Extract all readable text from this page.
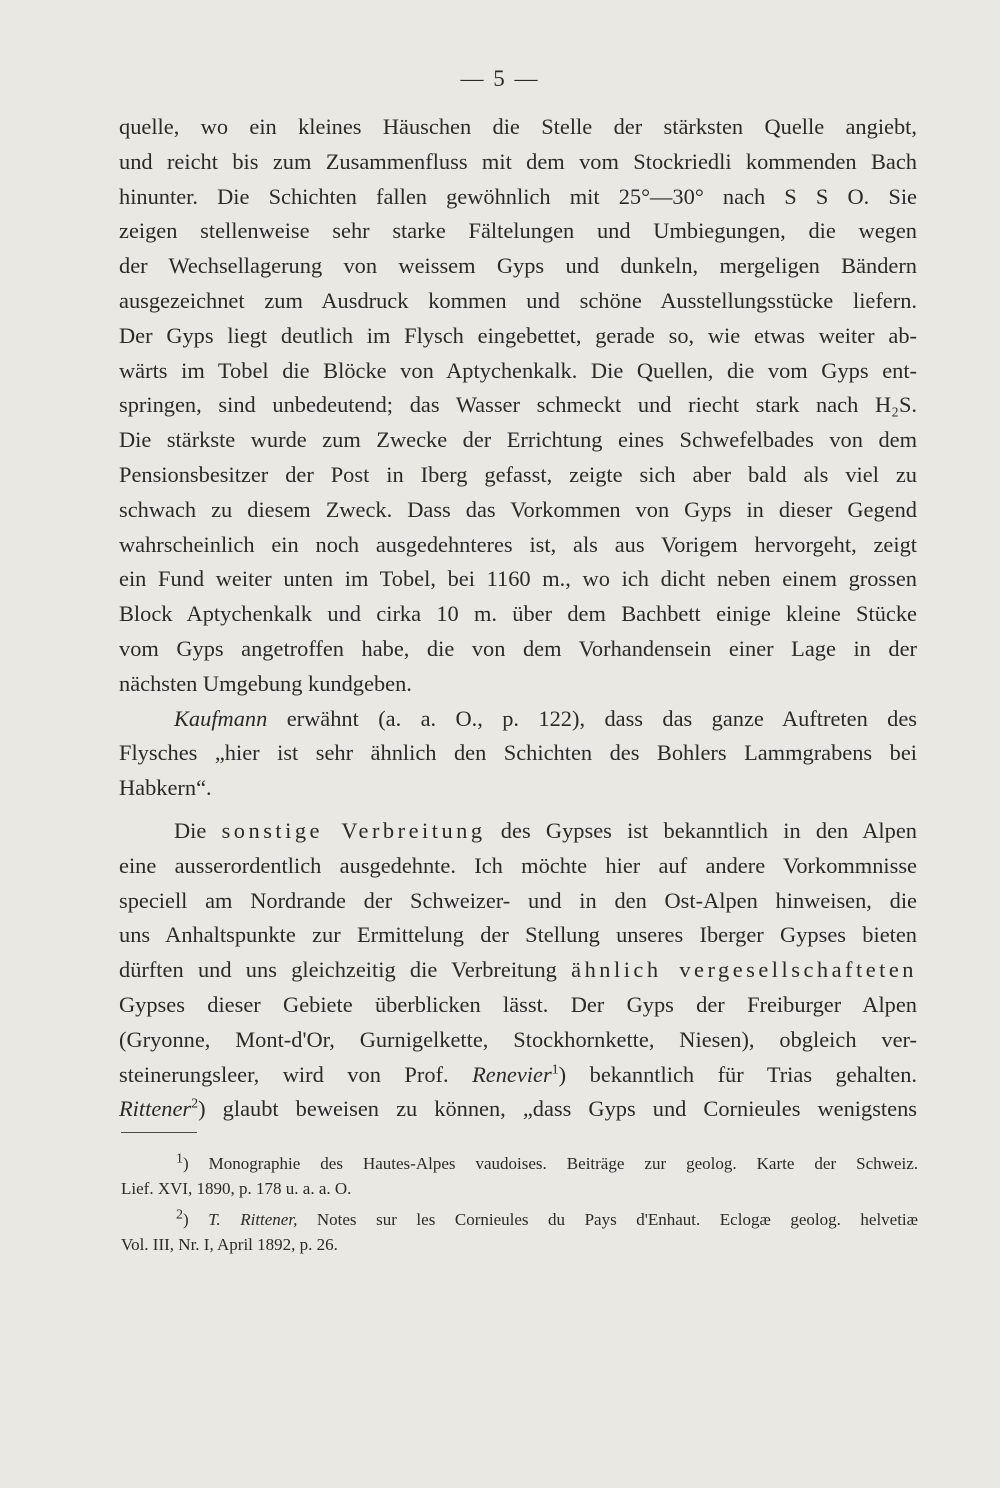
— 5 —
quelle, wo ein kleines Häuschen die Stelle der stärksten Quelle angiebt,
und reicht bis zum Zusammenfluss mit dem vom Stockriedli kommenden Bach
hinunter. Die Schichten fallen gewöhnlich mit 25°—30° nach S S O. Sie
zeigen stellenweise sehr starke Fältelungen und Umbiegungen, die wegen
der Wechsellagerung von weissem Gyps und dunkeln, mergeligen Bändern
ausgezeichnet zum Ausdruck kommen und schöne Ausstellungsstücke liefern.
Der Gyps liegt deutlich im Flysch eingebettet, gerade so, wie etwas weiter ab-
wärts im Tobel die Blöcke von Aptychenkalk. Die Quellen, die vom Gyps ent-
springen, sind unbedeutend; das Wasser schmeckt und riecht stark nach H₂S.
Die stärkste wurde zum Zwecke der Errichtung eines Schwefelbades von dem
Pensionsbesitzer der Post in Iberg gefasst, zeigte sich aber bald als viel zu
schwach zu diesem Zweck. Dass das Vorkommen von Gyps in dieser Gegend
wahrscheinlich ein noch ausgedehnteres ist, als aus Vorigem hervorgeht, zeigt
ein Fund weiter unten im Tobel, bei 1160 m., wo ich dicht neben einem grossen
Block Aptychenkalk und cirka 10 m. über dem Bachbett einige kleine Stücke
vom Gyps angetroffen habe, die von dem Vorhandensein einer Lage in der
nächsten Umgebung kundgeben.
Kaufmann erwähnt (a. a. O., p. 122), dass das ganze Auftreten des
Flysches „hier ist sehr ähnlich den Schichten des Bohlers Lammgrabens bei
Habkern“.
Die sonstige Verbreitung des Gypses ist bekanntlich in den Alpen
eine ausserordentlich ausgedehnte. Ich möchte hier auf andere Vorkommnisse
speciell am Nordrande der Schweizer- und in den Ost-Alpen hinweisen, die
uns Anhaltspunkte zur Ermittelung der Stellung unseres Iberger Gypses bieten
dürften und uns gleichzeitig die Verbreitung ähnlich vergesellschafteten
Gypses dieser Gebiete überblicken lässt. Der Gyps der Freiburger Alpen
(Gryonne, Mont-d'Or, Gurnigelkette, Stockhornkette, Niesen), obgleich ver-
steinerungsleer, wird von Prof. Renevier$^1$) bekanntlich für Trias gehalten.
Rittener$^2$) glaubt beweisen zu können, „dass Gyps und Cornieules wenigstens
$^1$) Monographie des Hautes-Alpes vaudoises. Beiträge zur geolog. Karte der Schweiz.
Lief. XVI, 1890, p. 178 u. a. a. O.
$^2$) T. Rittener, Notes sur les Cornieules du Pays d'Enhaut. Eclogæ geolog. helvetiæ
Vol. III, Nr. I, April 1892, p. 26.
